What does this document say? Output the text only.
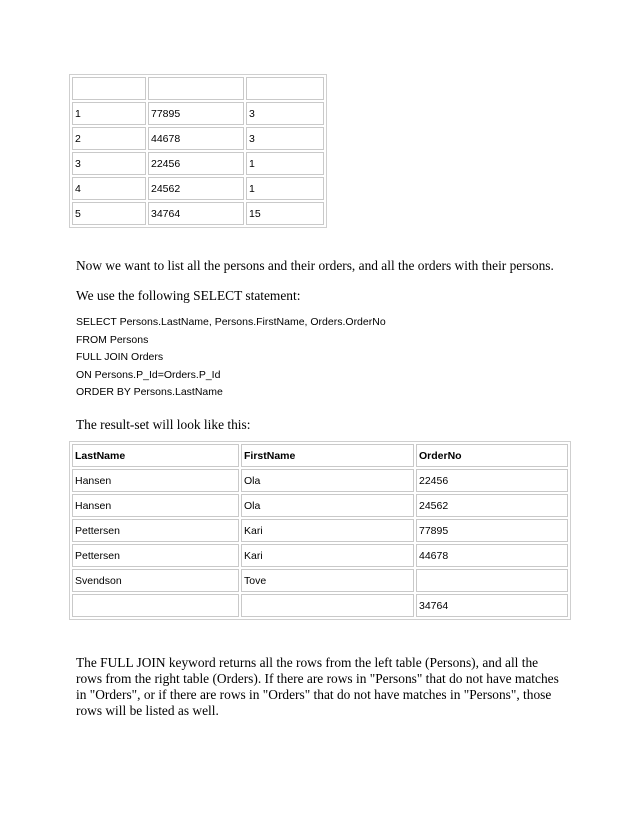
1	77895	3
2	44678	3
3	22456	1
4	24562	1
5	34764	15

Now we want to list all the persons and their orders, and all the orders with their persons.

We use the following SELECT statement:

SELECT Persons.LastName, Persons.FirstName, Orders.OrderNo
FROM Persons
FULL JOIN Orders
ON Persons.P_Id=Orders.P_Id
ORDER BY Persons.LastName

The result-set will look like this:

LastName	FirstName	OrderNo
Hansen	Ola	22456
Hansen	Ola	24562
Pettersen	Kari	77895
Pettersen	Kari	44678
Svendson	Tove	
		34764

The FULL JOIN keyword returns all the rows from the left table (Persons), and all the rows from the right table (Orders). If there are rows in "Persons" that do not have matches in "Orders", or if there are rows in "Orders" that do not have matches in "Persons", those rows will be listed as well.
